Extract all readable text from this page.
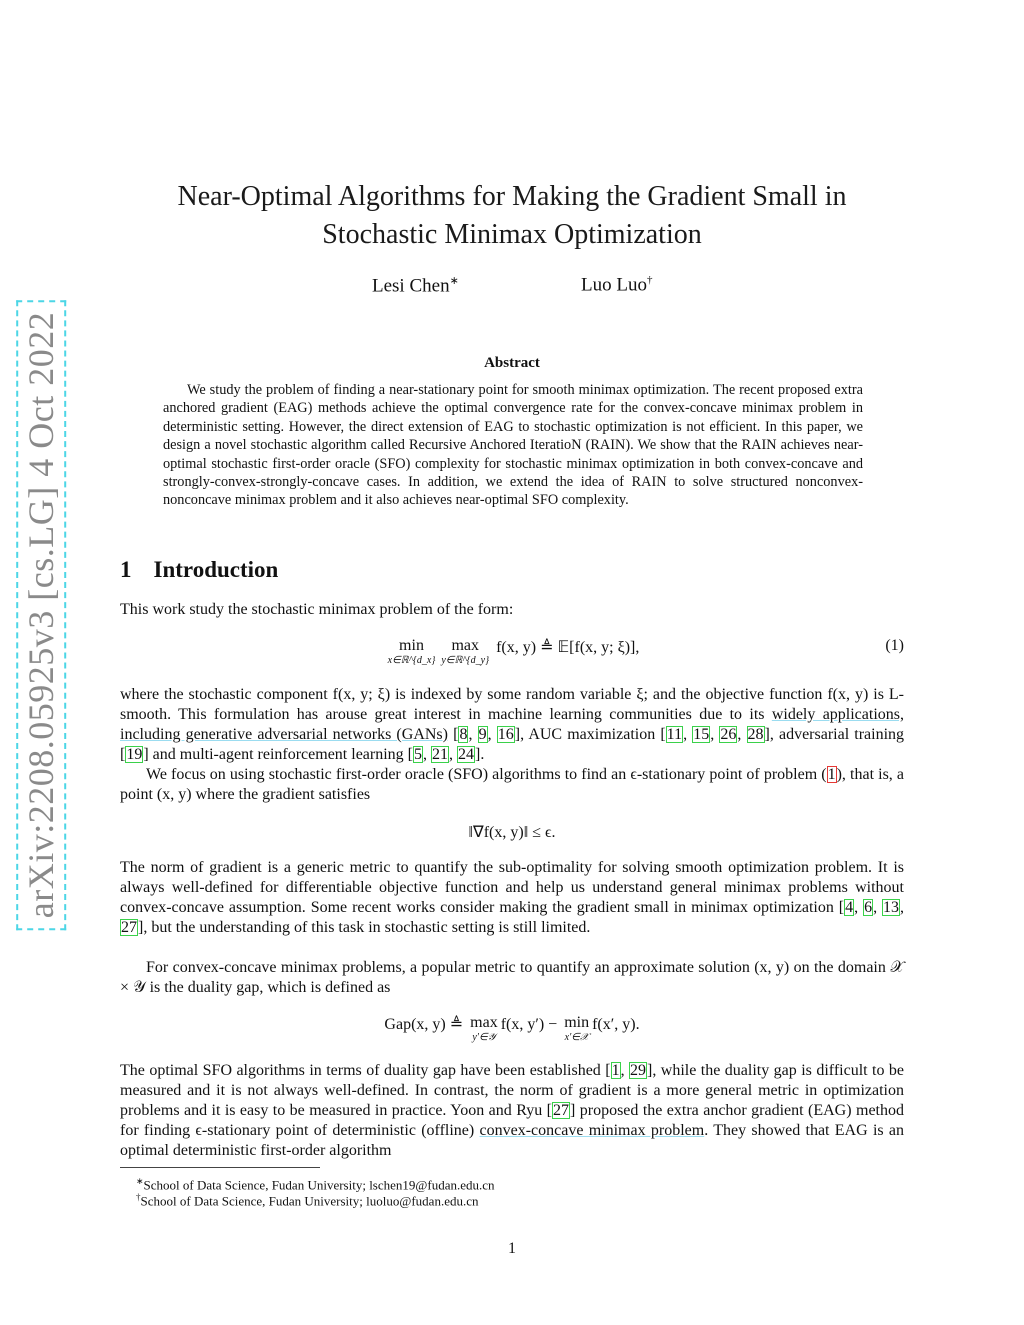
arXiv:2208.05925v3 [cs.LG] 4 Oct 2022
Near-Optimal Algorithms for Making the Gradient Small in
Stochastic Minimax Optimization
Lesi Chen∗	Luo Luo†
Abstract

We study the problem of finding a near-stationary point for smooth minimax optimization. The recent proposed extra anchored gradient (EAG) methods achieve the optimal convergence rate for the convex-concave minimax problem in deterministic setting. However, the direct extension of EAG to stochastic optimization is not efficient. In this paper, we design a novel stochastic algorithm called Recursive Anchored IteratioN (RAIN). We show that the RAIN achieves near-optimal stochastic first-order oracle (SFO) complexity for stochastic minimax optimization in both convex-concave and strongly-convex-strongly-concave cases. In addition, we extend the idea of RAIN to solve structured nonconvex-nonconcave minimax problem and it also achieves near-optimal SFO complexity.

1 Introduction

This work study the stochastic minimax problem of the form:

min
x∈ℝ^{d_x}
max
y∈ℝ^{d_y}
f(x, y) ≜ 𝔼[f(x, y; ξ)],	(1)

where the stochastic component f(x, y; ξ) is indexed by some random variable ξ; and the objective function f(x, y) is L-smooth. This formulation has arouse great interest in machine learning communities due to its widely applications, including generative adversarial networks (GANs) [8, 9, 16], AUC maximization [11, 15, 26, 28], adversarial training [19] and multi-agent reinforcement learning [5, 21, 24].

We focus on using stochastic first-order oracle (SFO) algorithms to find an ϵ-stationary point of problem (1), that is, a point (x, y) where the gradient satisfies

‖∇f(x, y)‖ ≤ ϵ.

The norm of gradient is a generic metric to quantify the sub-optimality for solving smooth optimization problem. It is always well-defined for differentiable objective function and help us understand general minimax problems without convex-concave assumption. Some recent works consider making the gradient small in minimax optimization [4, 6, 13, 27], but the understanding of this task in stochastic setting is still limited.

For convex-concave minimax problems, a popular metric to quantify an approximate solution (x, y) on the domain 𝒳 × 𝒴 is the duality gap, which is defined as

Gap(x, y) ≜ max
y′∈𝒴
f(x, y′) − min
x′∈𝒳
f(x′, y).

The optimal SFO algorithms in terms of duality gap have been established [1, 29], while the duality gap is difficult to be measured and it is not always well-defined. In contrast, the norm of gradient is a more general metric in optimization problems and it is easy to be measured in practice. Yoon and Ryu [27] proposed the extra anchor gradient (EAG) method for finding ϵ-stationary point of deterministic (offline) convex-concave minimax problem. They showed that EAG is an optimal deterministic first-order algorithm

∗School of Data Science, Fudan University; lschen19@fudan.edu.cn
†School of Data Science, Fudan University; luoluo@fudan.edu.cn
1
